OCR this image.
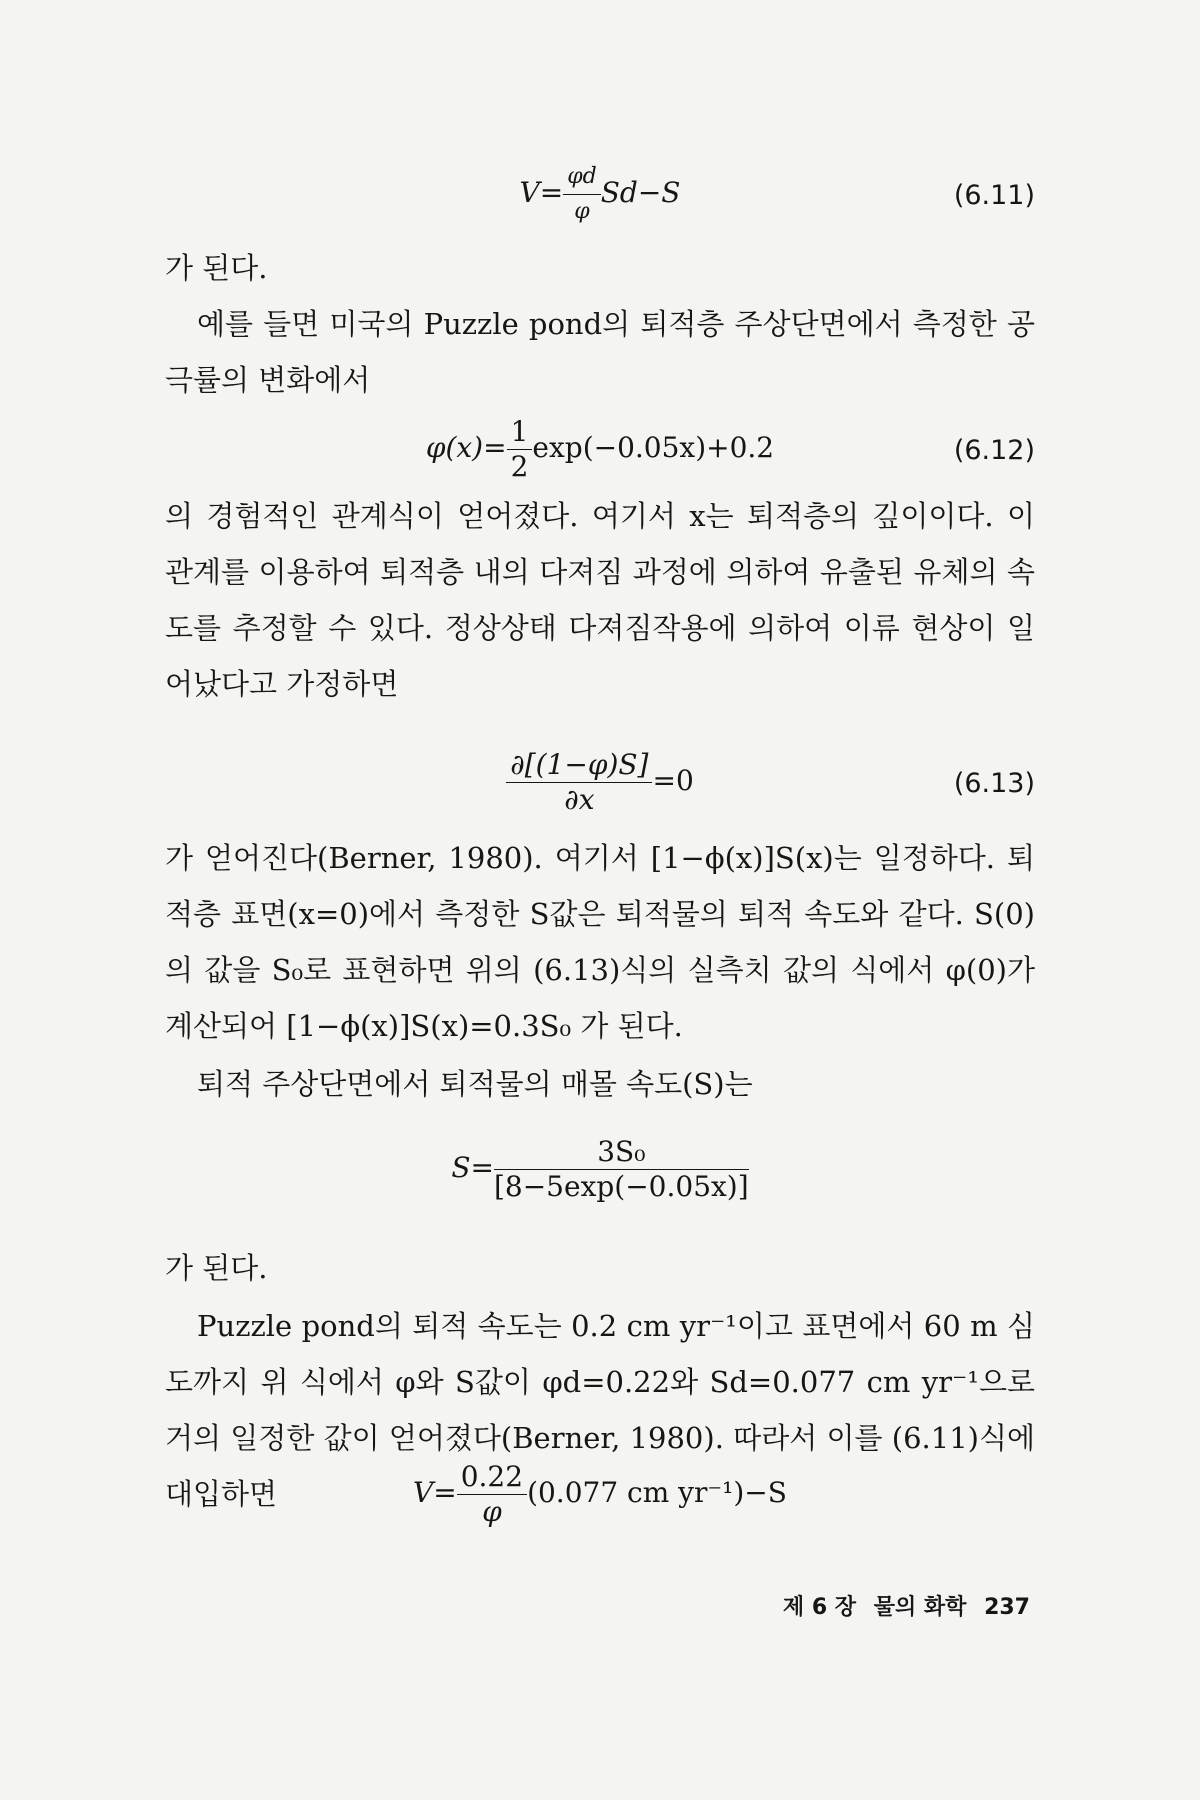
$V= \frac{\varphi d}{\varphi} Sd-S$	(6.11)

가 된다.

예를 들면 미국의 Puzzle pond의 퇴적층 주상단면에서 측정한 공극률의 변화에서

$\varphi(x)= \frac{1}{2} \exp(-0.05x)+0.2$	(6.12)

의 경험적인 관계식이 얻어졌다. 여기서 x는 퇴적층의 깊이이다. 이 관계를 이용하여 퇴적층 내의 다져짐 과정에 의하여 유출된 유체의 속도를 추정할 수 있다. 정상상태 다져짐작용에 의하여 이류 현상이 일어났다고 가정하면

$\frac{\partial[(1-\varphi)S]}{\partial x} =0$	(6.13)

가 얻어진다(Berner, 1980). 여기서 [1−ϕ(x)]S(x)는 일정하다. 퇴적층 표면(x=0)에서 측정한 S값은 퇴적물의 퇴적 속도와 같다. S(0)의 값을 S₀로 표현하면 위의 (6.13)식의 실측치 값의 식에서 φ(0)가 계산되어 [1−ϕ(x)]S(x)=0.3S₀ 가 된다.

퇴적 주상단면에서 퇴적물의 매몰 속도(S)는

$S= \frac{\text{3S₀}}{[8-5\exp(-0.05x)]}$

가 된다.

Puzzle pond의 퇴적 속도는 0.2 cm yr⁻¹이고 표면에서 60 m 심도까지 위 식에서 φ와 S값이 φd=0.22와 Sd=0.077 cm yr⁻¹으로 거의 일정한 값이 얻어졌다(Berner, 1980). 따라서 이를 (6.11)식에 대입하면	$V= \frac{0.22}{\varphi} (0.077$ cm yr⁻¹)−S
제 6 장 물의 화학 237
